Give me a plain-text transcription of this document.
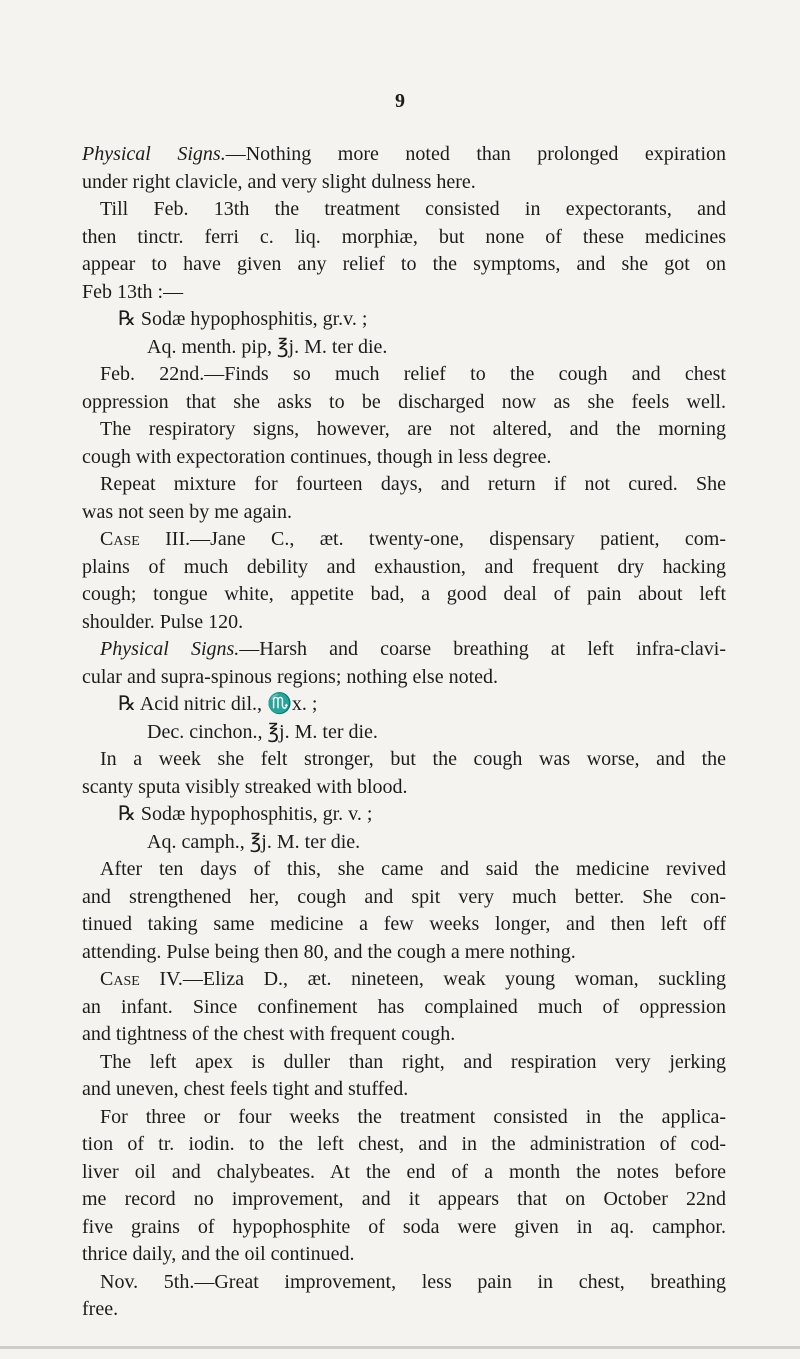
9
Physical Signs.—Nothing more noted than prolonged expiration
under right clavicle, and very slight dulness here.
Till Feb. 13th the treatment consisted in expectorants, and
then tinctr. ferri c. liq. morphiæ, but none of these medicines
appear to have given any relief to the symptoms, and she got on
Feb 13th :—
℞ Sodæ hypophosphitis, gr.v. ;
Aq. menth. pip, ℥j. M. ter die.
Feb. 22nd.—Finds so much relief to the cough and chest
oppression that she asks to be discharged now as she feels well.
The respiratory signs, however, are not altered, and the morning
cough with expectoration continues, though in less degree.
Repeat mixture for fourteen days, and return if not cured. She
was not seen by me again.
Case III.—Jane C., æt. twenty-one, dispensary patient, com-
plains of much debility and exhaustion, and frequent dry hacking
cough; tongue white, appetite bad, a good deal of pain about left
shoulder. Pulse 120.
Physical Signs.—Harsh and coarse breathing at left infra-clavi-
cular and supra-spinous regions; nothing else noted.
℞ Acid nitric dil., ♏x. ;
Dec. cinchon., ℥j. M. ter die.
In a week she felt stronger, but the cough was worse, and the
scanty sputa visibly streaked with blood.
℞ Sodæ hypophosphitis, gr. v. ;
Aq. camph., ℥j. M. ter die.
After ten days of this, she came and said the medicine revived
and strengthened her, cough and spit very much better. She con-
tinued taking same medicine a few weeks longer, and then left off
attending. Pulse being then 80, and the cough a mere nothing.
Case IV.—Eliza D., æt. nineteen, weak young woman, suckling
an infant. Since confinement has complained much of oppression
and tightness of the chest with frequent cough.
The left apex is duller than right, and respiration very jerking
and uneven, chest feels tight and stuffed.
For three or four weeks the treatment consisted in the applica-
tion of tr. iodin. to the left chest, and in the administration of cod-
liver oil and chalybeates. At the end of a month the notes before
me record no improvement, and it appears that on October 22nd
five grains of hypophosphite of soda were given in aq. camphor.
thrice daily, and the oil continued.
Nov. 5th.—Great improvement, less pain in chest, breathing
free.
